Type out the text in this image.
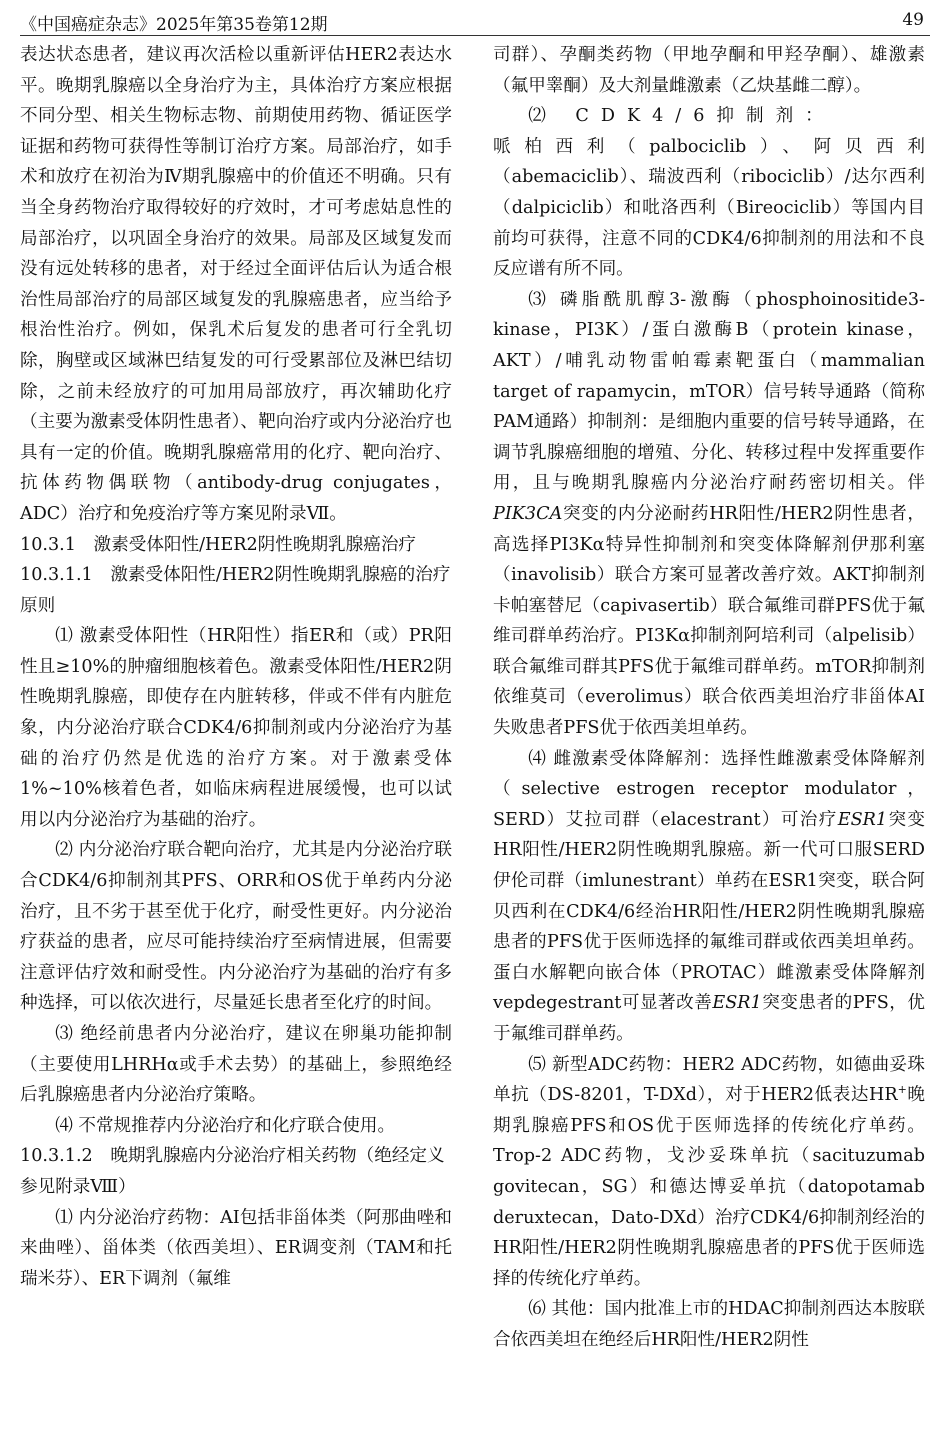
《中国癌症杂志》2025年第35卷第12期	49

表达状态患者，建议再次活检以重新评估HER2表达水平。晚期乳腺癌以全身治疗为主，具体治疗方案应根据不同分型、相关生物标志物、前期使用药物、循证医学证据和药物可获得性等制订治疗方案。局部治疗，如手术和放疗在初治为Ⅳ期乳腺癌中的价值还不明确。只有当全身药物治疗取得较好的疗效时，才可考虑姑息性的局部治疗，以巩固全身治疗的效果。局部及区域复发而没有远处转移的患者，对于经过全面评估后认为适合根治性局部治疗的局部区域复发的乳腺癌患者，应当给予根治性治疗。例如，保乳术后复发的患者可行全乳切除，胸壁或区域淋巴结复发的可行受累部位及淋巴结切除，之前未经放疗的可加用局部放疗，再次辅助化疗（主要为激素受体阴性患者）、靶向治疗或内分泌治疗也具有一定的价值。晚期乳腺癌常用的化疗、靶向治疗、抗体药物偶联物（antibody-drug conjugates，ADC）治疗和免疫治疗等方案见附录Ⅶ。

10.3.1　激素受体阳性/HER2阴性晚期乳腺癌治疗

10.3.1.1　激素受体阳性/HER2阴性晚期乳腺癌的治疗原则

⑴ 激素受体阳性（HR阳性）指ER和（或）PR阳性且≥10%的肿瘤细胞核着色。激素受体阳性/HER2阴性晚期乳腺癌，即使存在内脏转移，伴或不伴有内脏危象，内分泌治疗联合CDK4/6抑制剂或内分泌治疗为基础的治疗仍然是优选的治疗方案。对于激素受体1%~10%核着色者，如临床病程进展缓慢，也可以试用以内分泌治疗为基础的治疗。

⑵ 内分泌治疗联合靶向治疗，尤其是内分泌治疗联合CDK4/6抑制剂其PFS、ORR和OS优于单药内分泌治疗，且不劣于甚至优于化疗，耐受性更好。内分泌治疗获益的患者，应尽可能持续治疗至病情进展，但需要注意评估疗效和耐受性。内分泌治疗为基础的治疗有多种选择，可以依次进行，尽量延长患者至化疗的时间。

⑶ 绝经前患者内分泌治疗，建议在卵巢功能抑制（主要使用LHRHα或手术去势）的基础上，参照绝经后乳腺癌患者内分泌治疗策略。

⑷ 不常规推荐内分泌治疗和化疗联合使用。

10.3.1.2　晚期乳腺癌内分泌治疗相关药物（绝经定义参见附录Ⅷ）

⑴ 内分泌治疗药物：AI包括非甾体类（阿那曲唑和来曲唑）、甾体类（依西美坦）、ER调变剂（TAM和托瑞米芬）、ER下调剂（氟维

司群）、孕酮类药物（甲地孕酮和甲羟孕酮）、雄激素（氟甲睾酮）及大剂量雌激素（乙炔基雌二醇）。

⑵ CDK4/6抑制剂：

哌柏西利（palbociclib）、阿贝西利（abemaciclib）、瑞波西利（ribociclib）/达尔西利（dalpiciclib）和吡洛西利（Bireociclib）等国内目前均可获得，注意不同的CDK4/6抑制剂的用法和不良反应谱有所不同。

⑶ 磷脂酰肌醇3-激酶（phosphoinositide3-kinase，PI3K）/蛋白激酶B（protein kinase，AKT）/哺乳动物雷帕霉素靶蛋白（mammalian target of rapamycin，mTOR）信号转导通路（简称PAM通路）抑制剂：是细胞内重要的信号转导通路，在调节乳腺癌细胞的增殖、分化、转移过程中发挥重要作用，且与晚期乳腺癌内分泌治疗耐药密切相关。伴PIK3CA突变的内分泌耐药HR阳性/HER2阴性患者，高选择PI3Kα特异性抑制剂和突变体降解剂伊那利塞（inavolisib）联合方案可显著改善疗效。AKT抑制剂卡帕塞替尼（capivasertib）联合氟维司群PFS优于氟维司群单药治疗。PI3Kα抑制剂阿培利司（alpelisib）联合氟维司群其PFS优于氟维司群单药。mTOR抑制剂依维莫司（everolimus）联合依西美坦治疗非甾体AI失败患者PFS优于依西美坦单药。

⑷ 雌激素受体降解剂：选择性雌激素受体降解剂（selective estrogen receptor modulator，SERD）艾拉司群（elacestrant）可治疗ESR1突变HR阳性/HER2阴性晚期乳腺癌。新一代可口服SERD伊伦司群（imlunestrant）单药在ESR1突变，联合阿贝西利在CDK4/6经治HR阳性/HER2阴性晚期乳腺癌患者的PFS优于医师选择的氟维司群或依西美坦单药。蛋白水解靶向嵌合体（PROTAC）雌激素受体降解剂vepdegestrant可显著改善ESR1突变患者的PFS，优于氟维司群单药。

⑸ 新型ADC药物：HER2 ADC药物，如德曲妥珠单抗（DS-8201，T-DXd），对于HER2低表达HR+晚期乳腺癌PFS和OS优于医师选择的传统化疗单药。Trop-2 ADC药物，戈沙妥珠单抗（sacituzumab govitecan，SG）和德达博妥单抗（datopotamab deruxtecan，Dato-DXd）治疗CDK4/6抑制剂经治的HR阳性/HER2阴性晚期乳腺癌患者的PFS优于医师选择的传统化疗单药。

⑹ 其他：国内批准上市的HDAC抑制剂西达本胺联合依西美坦在绝经后HR阳性/HER2阴性
